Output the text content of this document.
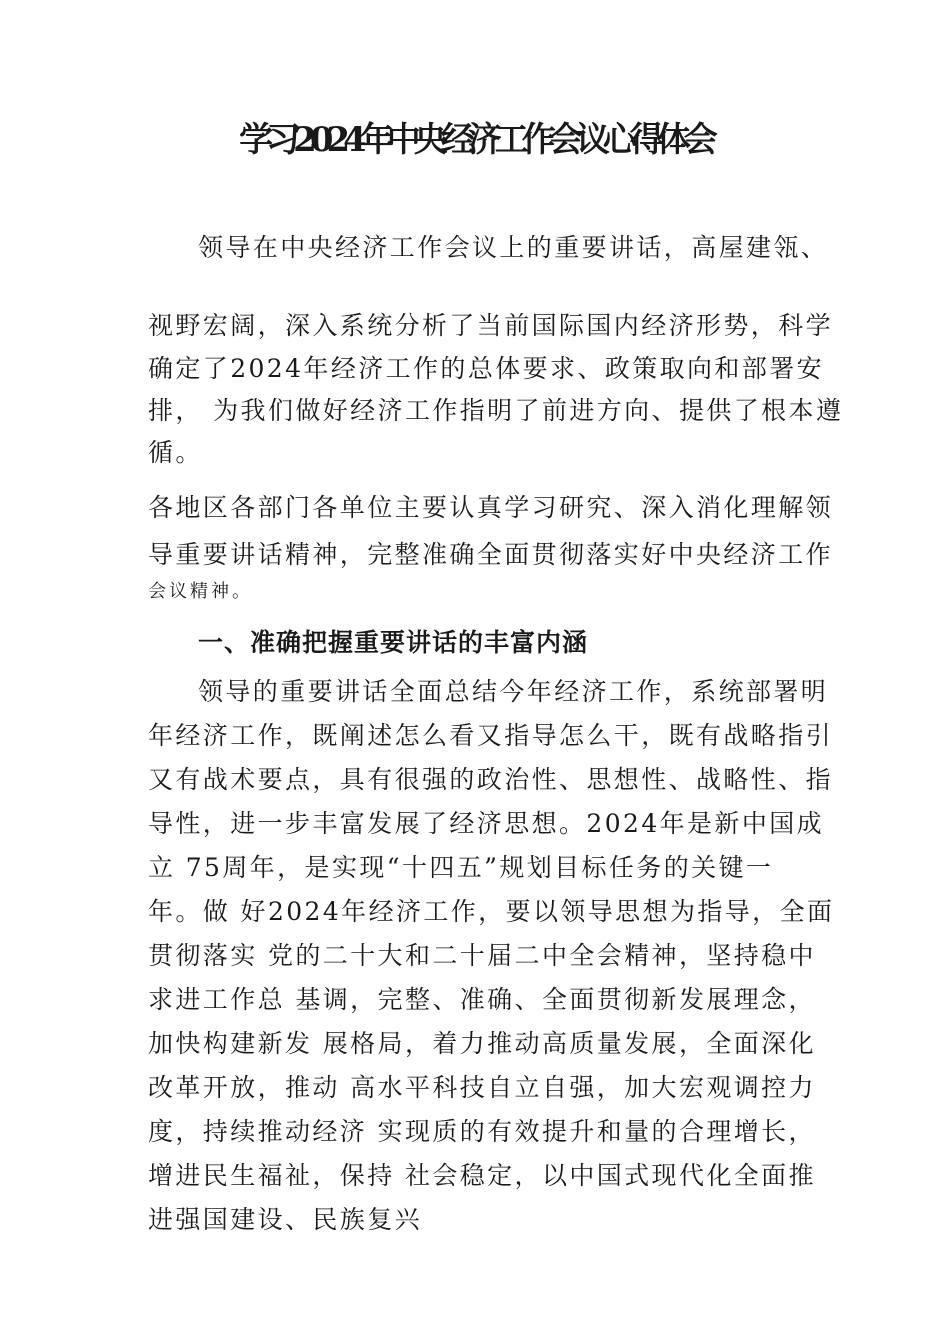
学习2024年中央经济工作会议心得体会
领导在中央经济工作会议上的重要讲话，高屋建瓴、
视野宏阔，深入系统分析了当前国际国内经济形势，科学
确定了2024年经济工作的总体要求、政策取向和部署安
排， 为我们做好经济工作指明了前进方向、提供了根本遵
循。
各地区各部门各单位主要认真学习研究、深入消化理解领
导重要讲话精神，完整准确全面贯彻落实好中央经济工作
会议精神。
一、准确把握重要讲话的丰富内涵
领导的重要讲话全面总结今年经济工作，系统部署明
年经济工作，既阐述怎么看又指导怎么干，既有战略指引
又有战术要点，具有很强的政治性、思想性、战略性、指
导性，进一步丰富发展了经济思想。2024年是新中国成
立 75周年，是实现“十四五”规划目标任务的关键一
年。做 好2024年经济工作，要以领导思想为指导，全面
贯彻落实 党的二十大和二十届二中全会精神，坚持稳中
求进工作总 基调，完整、准确、全面贯彻新发展理念，
加快构建新发 展格局，着力推动高质量发展，全面深化
改革开放，推动 高水平科技自立自强，加大宏观调控力
度，持续推动经济 实现质的有效提升和量的合理增长，
增进民生福祉，保持 社会稳定，以中国式现代化全面推
进强国建设、民族复兴
